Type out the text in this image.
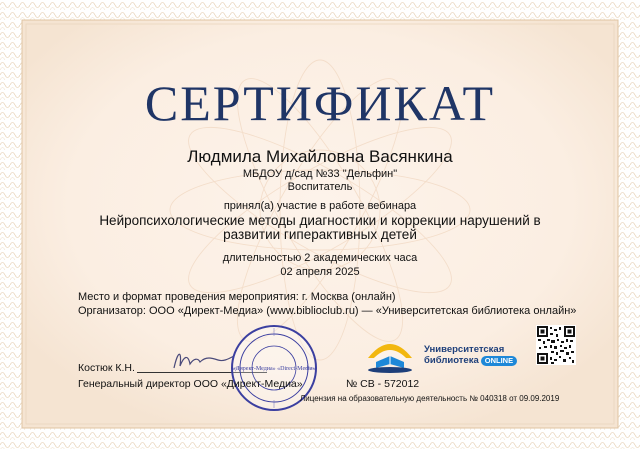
СЕРТИФИКАТ
Людмила Михайловна Васянкина
МБДОУ д/сад №33 "Дельфин"
Воспитатель
принял(а) участие в работе вебинара
Нейропсихологические методы диагностики и коррекции нарушений в развитии гиперактивных детей
длительностью 2 академических часа
02 апреля 2025
Место и формат проведения мероприятия: г. Москва (онлайн)
Организатор: ООО «Директ-Медиа» (www.biblioclub.ru) — «Университетская библиотека онлайн»
Костюк К.Н.	«Директ-Медиа» «Direct-Media»
Генеральный директор ООО «Директ-Медиа»	№ СВ - 572012
Университетская
библиотека ONLINE
Лицензия на образовательную деятельность № 040318 от 09.09.2019
